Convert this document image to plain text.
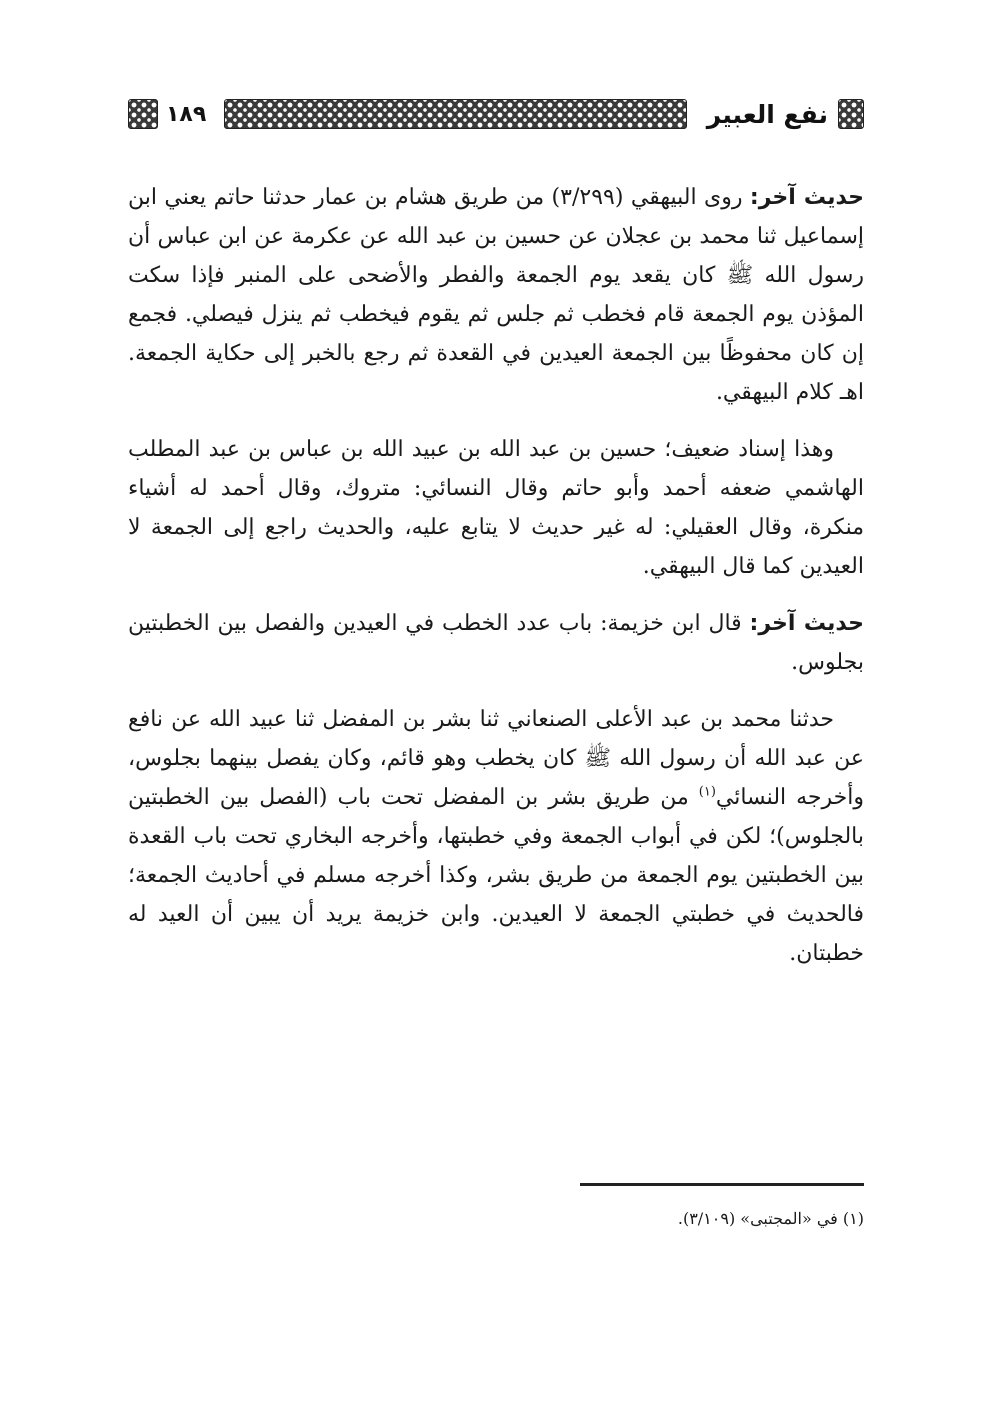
نفع العبير
١٨٩

حديث آخر: روى البيهقي (٣/٢٩٩) من طريق هشام بن عمار حدثنا حاتم يعني ابن إسماعيل ثنا محمد بن عجلان عن حسين بن عبد الله عن عكرمة عن ابن عباس أن رسول الله ﷺ كان يقعد يوم الجمعة والفطر والأضحى على المنبر فإذا سكت المؤذن يوم الجمعة قام فخطب ثم جلس ثم يقوم فيخطب ثم ينزل فيصلي. فجمع إن كان محفوظًا بين الجمعة العيدين في القعدة ثم رجع بالخبر إلى حكاية الجمعة. اهـ كلام البيهقي.

وهذا إسناد ضعيف؛ حسين بن عبد الله بن عبيد الله بن عباس بن عبد المطلب الهاشمي ضعفه أحمد وأبو حاتم وقال النسائي: متروك، وقال أحمد له أشياء منكرة، وقال العقيلي: له غير حديث لا يتابع عليه، والحديث راجع إلى الجمعة لا العيدين كما قال البيهقي.

حديث آخر: قال ابن خزيمة: باب عدد الخطب في العيدين والفصل بين الخطبتين بجلوس.

حدثنا محمد بن عبد الأعلى الصنعاني ثنا بشر بن المفضل ثنا عبيد الله عن نافع عن عبد الله أن رسول الله ﷺ كان يخطب وهو قائم، وكان يفصل بينهما بجلوس، وأخرجه النسائي$^{(١)}$ من طريق بشر بن المفضل تحت باب (الفصل بين الخطبتين بالجلوس)؛ لكن في أبواب الجمعة وفي خطبتها، وأخرجه البخاري تحت باب القعدة بين الخطبتين يوم الجمعة من طريق بشر، وكذا أخرجه مسلم في أحاديث الجمعة؛ فالحديث في خطبتي الجمعة لا العيدين. وابن خزيمة يريد أن يبين أن العيد له خطبتان.

(١) في «المجتبى» (٣/١٠٩).
